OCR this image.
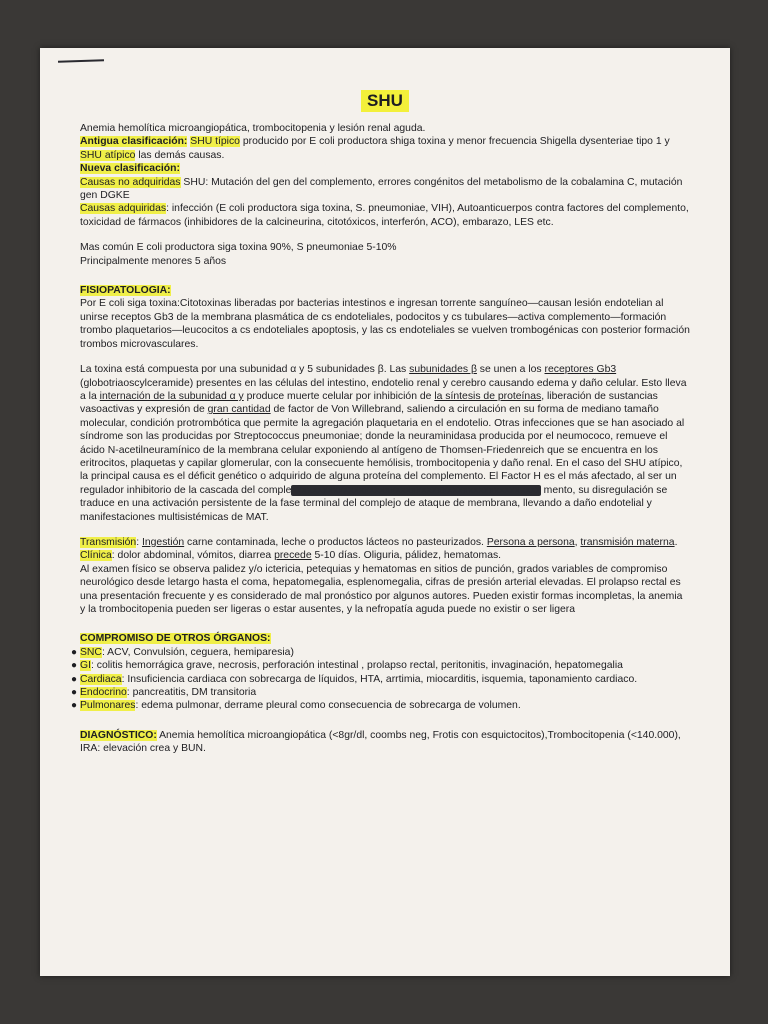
SHU

Anemia hemolítica microangiopática, trombocitopenia y lesión renal aguda.

Antigua clasificación: SHU típico producido por E coli productora shiga toxina y menor frecuencia Shigella dysenteriae tipo 1 y SHU atípico las demás causas.

Nueva clasificación:

Causas no adquiridas SHU: Mutación del gen del complemento, errores congénitos del metabolismo de la cobalamina C, mutación gen DGKE

Causas adquiridas: infección (E coli productora siga toxina, S. pneumoniae, VIH), Autoanticuerpos contra factores del complemento, toxicidad de fármacos (inhibidores de la calcineurina, citotóxicos, interferón, ACO), embarazo, LES etc.

Mas común E coli productora siga toxina 90%, S pneumoniae 5-10%

Principalmente menores 5 años

FISIOPATOLOGIA:

Por E coli siga toxina:Citotoxinas liberadas por bacterias intestinos e ingresan torrente sanguíneo—causan lesión endotelian al unirse receptos Gb3 de la membrana plasmática de cs endoteliales, podocitos y cs tubulares—activa complemento—formación trombo plaquetarios—leucocitos a cs endoteliales apoptosis, y las cs endoteliales se vuelven trombogénicas con posterior formación trombos microvasculares.

La toxina está compuesta por una subunidad α y 5 subunidades β. Las subunidades β se unen a los receptores Gb3 (globotriaoscylceramide) presentes en las células del intestino, endotelio renal y cerebro causando edema y daño celular. Esto lleva a la internación de la subunidad α y produce muerte celular por inhibición de la síntesis de proteínas, liberación de sustancias vasoactivas y expresión de gran cantidad de factor de Von Willebrand, saliendo a circulación en su forma de mediano tamaño molecular, condición protrombótica que permite la agregación plaquetaria en el endotelio. Otras infecciones que se han asociado al síndrome son las producidas por Streptococcus pneumoniae; donde la neuraminidasa producida por el neumococo, remueve el ácido N-acetilneuramínico de la membrana celular exponiendo al antígeno de Thomsen-Friedenreich que se encuentra en los eritrocitos, plaquetas y capilar glomerular, con la consecuente hemólisis, trombocitopenia y daño renal. En el caso del SHU atípico, la principal causa es el déficit genético o adquirido de alguna proteína del complemento. El Factor H es el más afectado, al ser un regulador inhibitorio de la cascada del complexxxxxxxxxxxxxxxxxxxxxxxxxxxxxxxxxxxxxxxxxxxxxxxx mento, su disregulación se traduce en una activación persistente de la fase terminal del complejo de ataque de membrana, llevando a daño endotelial y manifestaciones multisistémicas de MAT.

Transmisión: Ingestión carne contaminada, leche o productos lácteos no pasteurizados. Persona a persona, transmisión materna.

Clínica: dolor abdominal, vómitos, diarrea precede 5-10 días. Oliguria, pálidez, hematomas.

Al examen físico se observa palidez y/o ictericia, petequias y hematomas en sitios de punción, grados variables de compromiso neurológico desde letargo hasta el coma, hepatomegalia, esplenomegalia, cifras de presión arterial elevadas. El prolapso rectal es una presentación frecuente y es considerado de mal pronóstico por algunos autores. Pueden existir formas incompletas, la anemia y la trombocitopenia pueden ser ligeras o estar ausentes, y la nefropatía aguda puede no existir o ser ligera

COMPROMISO DE OTROS ÓRGANOS:

● SNC: ACV, Convulsión, ceguera, hemiparesia)
● GI: colitis hemorrágica grave, necrosis, perforación intestinal , prolapso rectal, peritonitis, invaginación, hepatomegalia
● Cardiaca: Insuficiencia cardiaca con sobrecarga de líquidos, HTA, arrtimia, miocarditis, isquemia, taponamiento cardiaco.
● Endocrino: pancreatitis, DM transitoria
● Pulmonares: edema pulmonar, derrame pleural como consecuencia de sobrecarga de volumen.

DIAGNÓSTICO: Anemia hemolítica microangiopática (<8gr/dl, coombs neg, Frotis con esquictocitos),Trombocitopenia (<140.000), IRA: elevación crea y BUN.
